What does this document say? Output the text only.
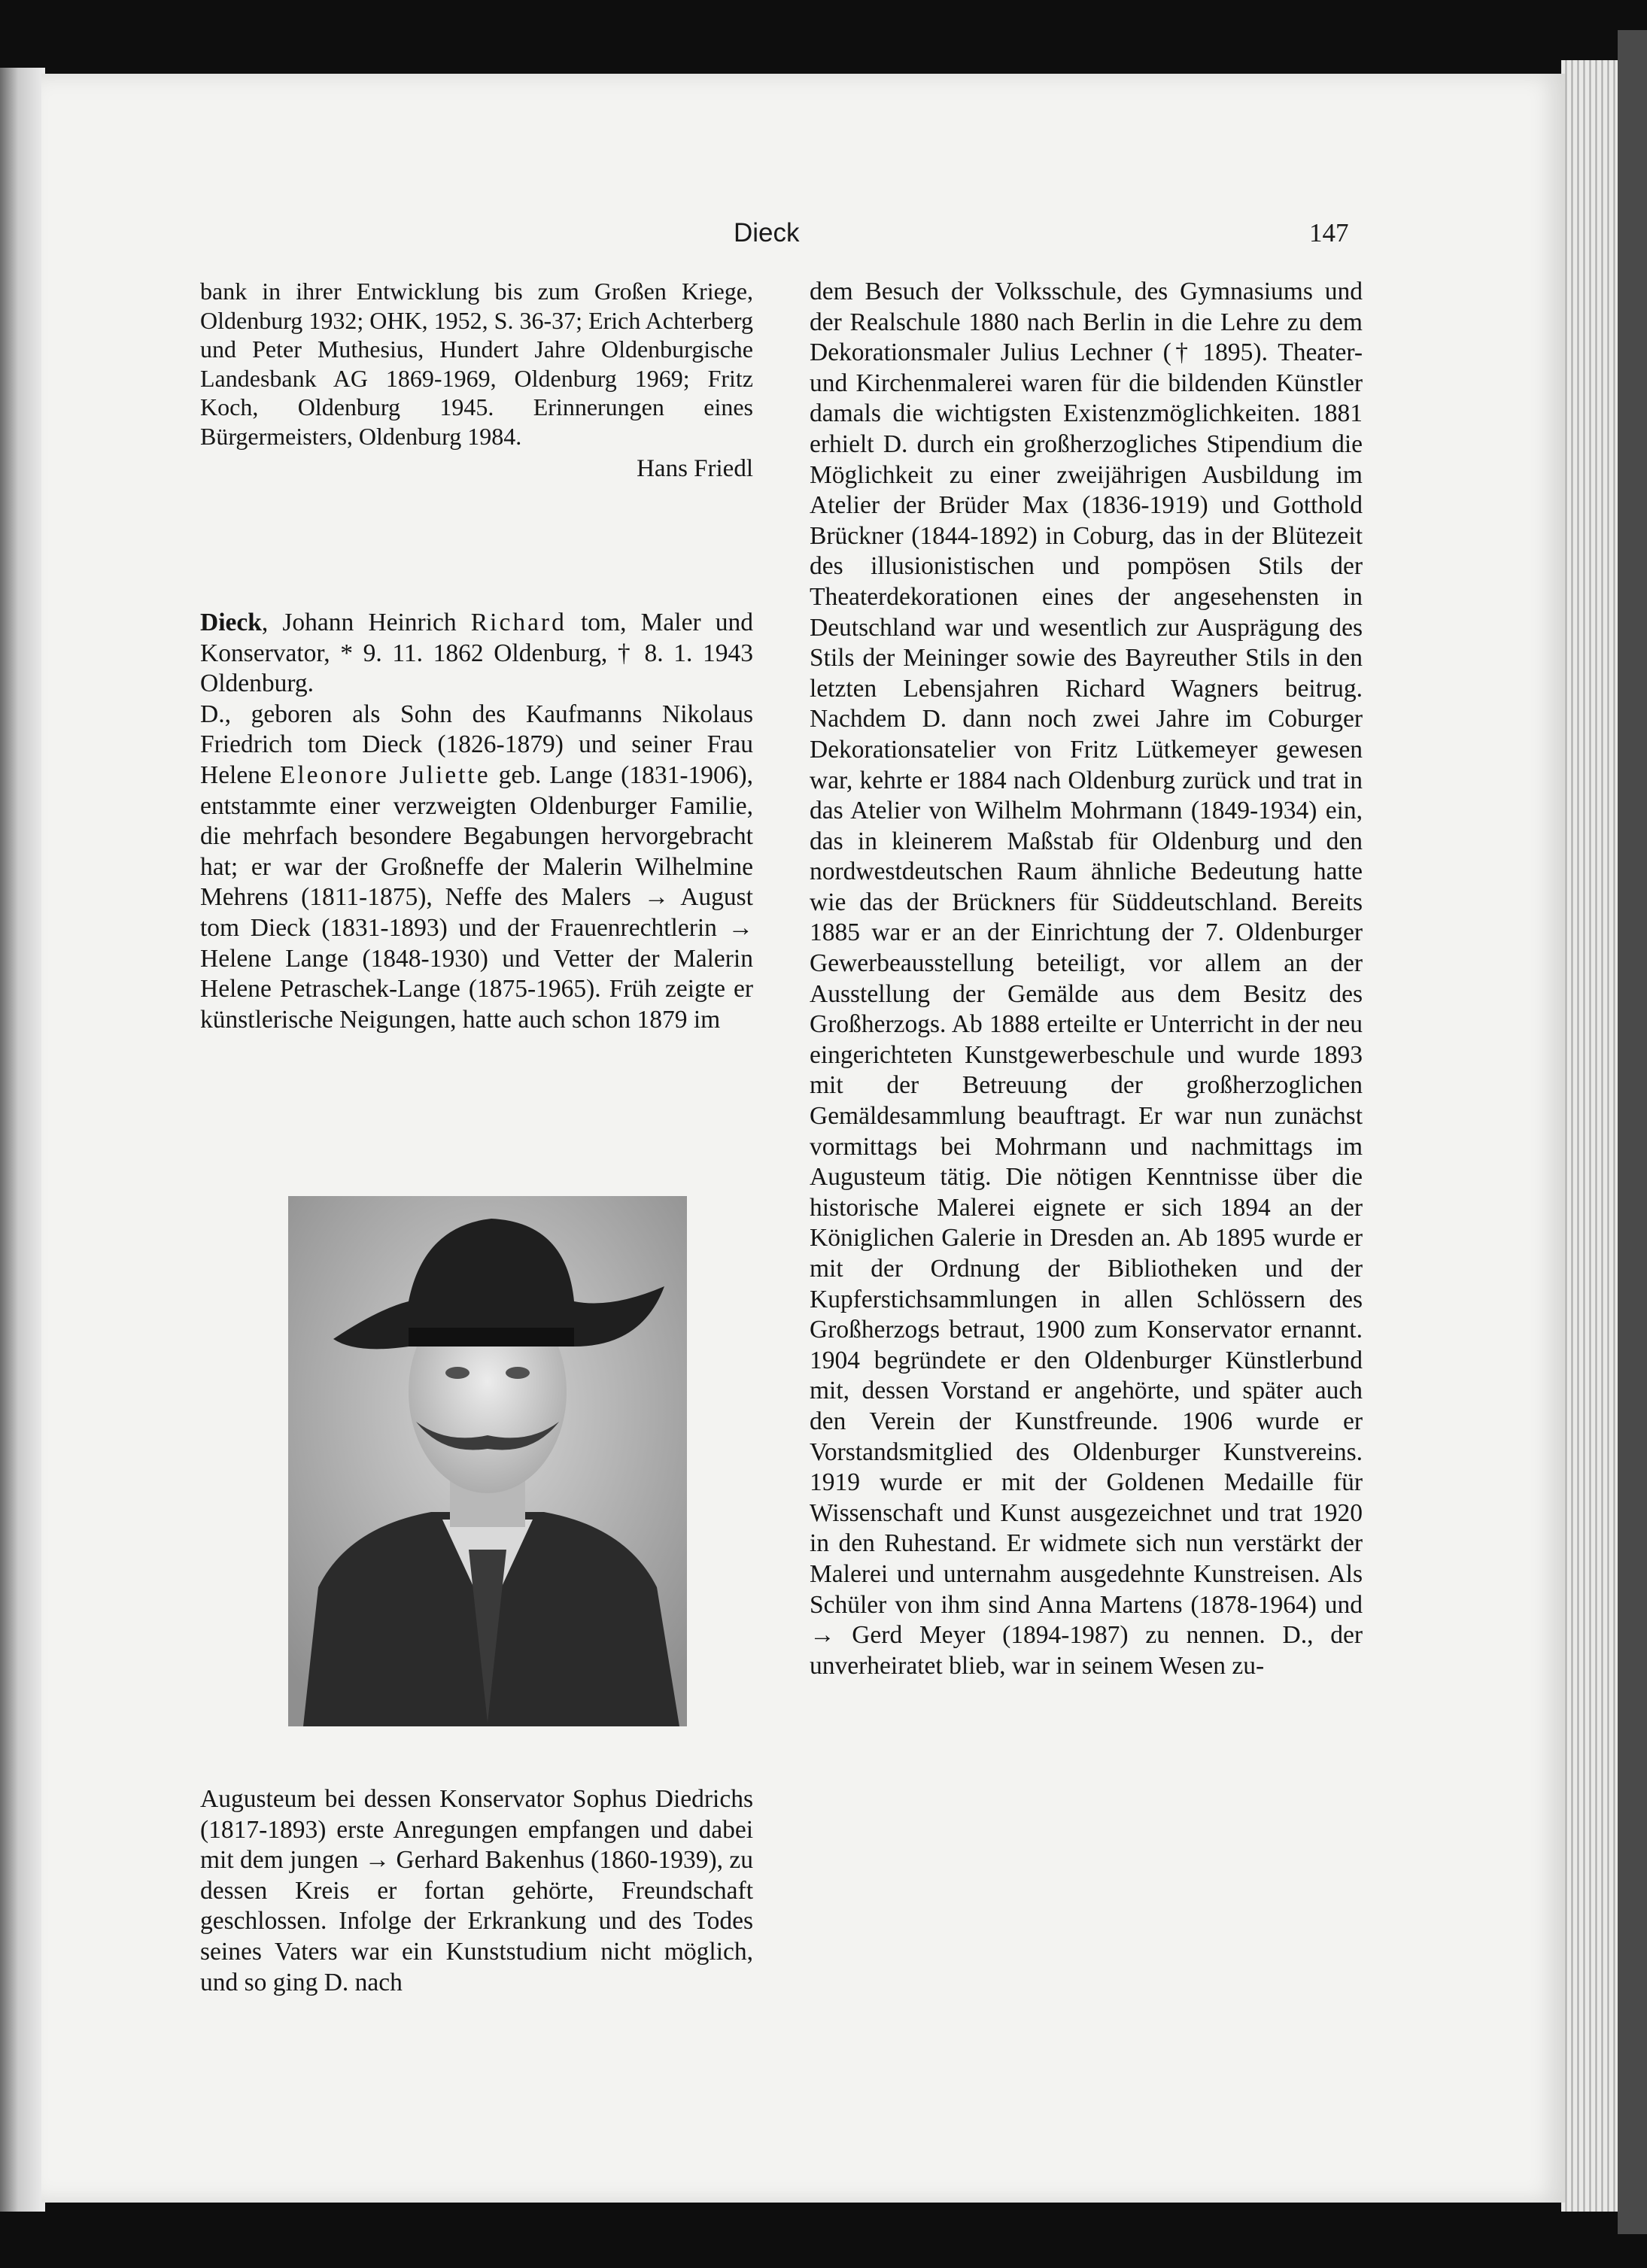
Dieck	147

bank in ihrer Entwicklung bis zum Großen Kriege, Oldenburg 1932; OHK, 1952, S. 36-37; Erich Achterberg und Peter Muthesius, Hundert Jahre Oldenburgische Landesbank AG 1869-1969, Oldenburg 1969; Fritz Koch, Oldenburg 1945. Erinnerungen eines Bürgermeisters, Oldenburg 1984.

Hans Friedl

Dieck, Johann Heinrich Richard tom, Maler und Konservator, * 9. 11. 1862 Oldenburg, † 8. 1. 1943 Oldenburg.

D., geboren als Sohn des Kaufmanns Nikolaus Friedrich tom Dieck (1826-1879) und seiner Frau Helene Eleonore Juliette geb. Lange (1831-1906), entstammte einer verzweigten Oldenburger Familie, die mehrfach besondere Begabungen hervorgebracht hat; er war der Großneffe der Malerin Wilhelmine Mehrens (1811-1875), Neffe des Malers → August tom Dieck (1831-1893) und der Frauenrechtlerin → Helene Lange (1848-1930) und Vetter der Malerin Helene Petraschek-Lange (1875-1965). Früh zeigte er künstlerische Neigungen, hatte auch schon 1879 im

Augusteum bei dessen Konservator Sophus Diedrichs (1817-1893) erste Anregungen empfangen und dabei mit dem jungen → Gerhard Bakenhus (1860-1939), zu dessen Kreis er fortan gehörte, Freundschaft geschlossen. Infolge der Erkrankung und des Todes seines Vaters war ein Kunststudium nicht möglich, und so ging D. nach

dem Besuch der Volksschule, des Gymnasiums und der Realschule 1880 nach Berlin in die Lehre zu dem Dekorationsmaler Julius Lechner († 1895). Theater- und Kirchenmalerei waren für die bildenden Künstler damals die wichtigsten Existenzmöglichkeiten. 1881 erhielt D. durch ein großherzogliches Stipendium die Möglichkeit zu einer zweijährigen Ausbildung im Atelier der Brüder Max (1836-1919) und Gotthold Brückner (1844-1892) in Coburg, das in der Blütezeit des illusionistischen und pompösen Stils der Theaterdekorationen eines der angesehensten in Deutschland war und wesentlich zur Ausprägung des Stils der Meininger sowie des Bayreuther Stils in den letzten Lebensjahren Richard Wagners beitrug. Nachdem D. dann noch zwei Jahre im Coburger Dekorationsatelier von Fritz Lütkemeyer gewesen war, kehrte er 1884 nach Oldenburg zurück und trat in das Atelier von Wilhelm Mohrmann (1849-1934) ein, das in kleinerem Maßstab für Oldenburg und den nordwestdeutschen Raum ähnliche Bedeutung hatte wie das der Brückners für Süddeutschland. Bereits 1885 war er an der Einrichtung der 7. Oldenburger Gewerbeausstellung beteiligt, vor allem an der Ausstellung der Gemälde aus dem Besitz des Großherzogs. Ab 1888 erteilte er Unterricht in der neu eingerichteten Kunstgewerbeschule und wurde 1893 mit der Betreuung der großherzoglichen Gemäldesammlung beauftragt. Er war nun zunächst vormittags bei Mohrmann und nachmittags im Augusteum tätig. Die nötigen Kenntnisse über die historische Malerei eignete er sich 1894 an der Königlichen Galerie in Dresden an. Ab 1895 wurde er mit der Ordnung der Bibliotheken und der Kupferstichsammlungen in allen Schlössern des Großherzogs betraut, 1900 zum Konservator ernannt. 1904 begründete er den Oldenburger Künstlerbund mit, dessen Vorstand er angehörte, und später auch den Verein der Kunstfreunde. 1906 wurde er Vorstandsmitglied des Oldenburger Kunstvereins. 1919 wurde er mit der Goldenen Medaille für Wissenschaft und Kunst ausgezeichnet und trat 1920 in den Ruhestand. Er widmete sich nun verstärkt der Malerei und unternahm ausgedehnte Kunstreisen. Als Schüler von ihm sind Anna Martens (1878-1964) und → Gerd Meyer (1894-1987) zu nennen. D., der unverheiratet blieb, war in seinem Wesen zu-
